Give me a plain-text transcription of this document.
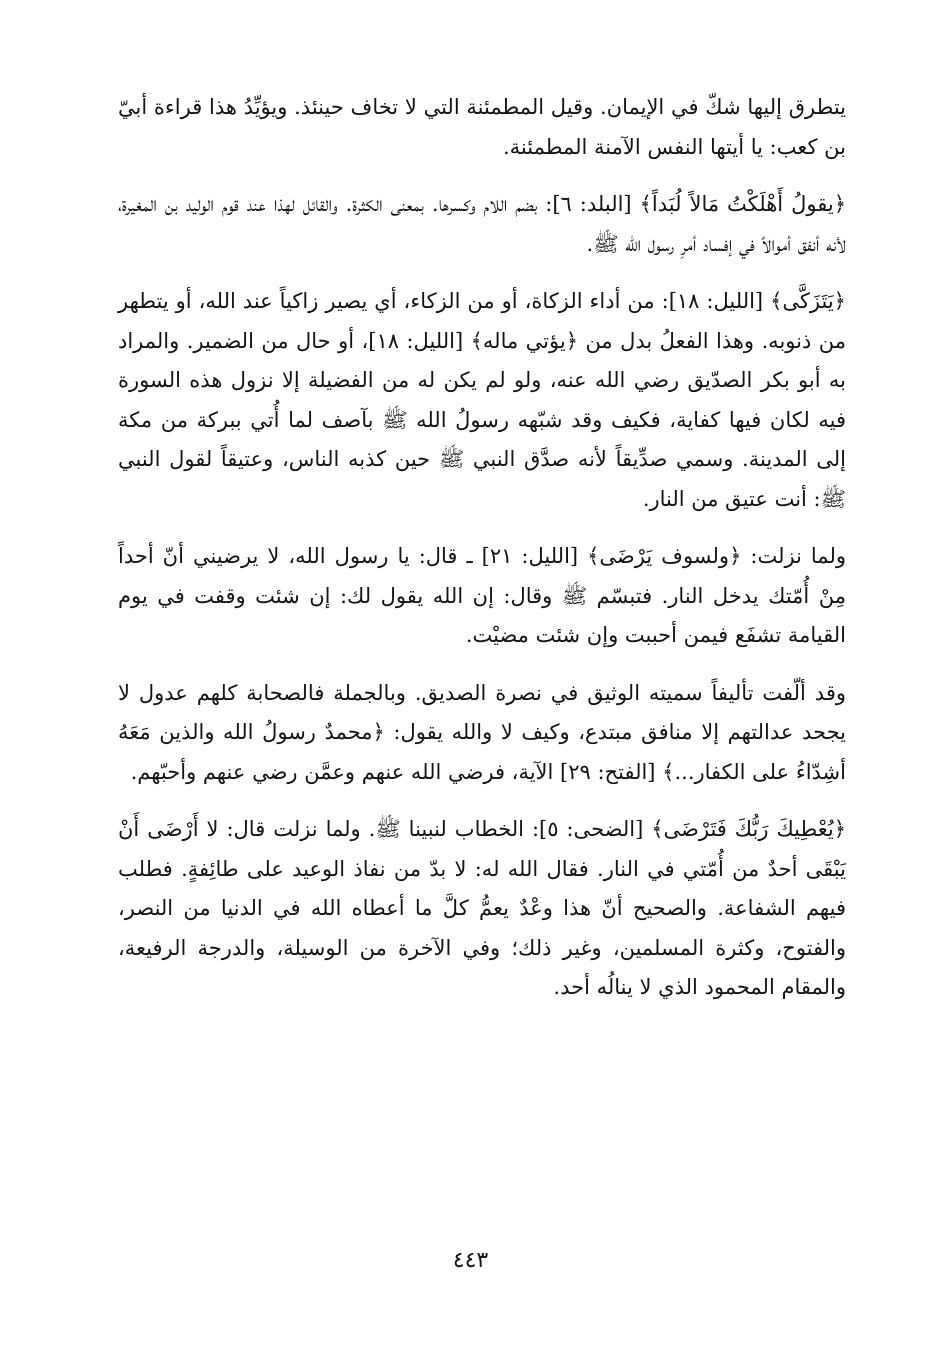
يتطرق إليها شكّ في الإيمان. وقيل المطمئنة التي لا تخاف حينئذ. ويؤيِّدُ هذا قراءة أبيّ بن كعب: يا أيتها النفس الآمنة المطمئنة.

﴿يقولُ أَهْلَكْتُ مَالاً لُبَداً﴾ [البلد: ٦]: بضم اللام وكسرها. بمعنى الكثرة. والقائل لهذا عند قوم الوليد بن المغيرة، لأنه أنفق أموالاً في إفساد أمرِ رسول الله ﷺ.

﴿يَتَزَكَّى﴾ [الليل: ١٨]: من أداء الزكاة، أو من الزكاء، أي يصير زاكياً عند الله، أو يتطهر من ذنوبه. وهذا الفعلُ بدل من ﴿يؤتي ماله﴾ [الليل: ١٨]، أو حال من الضمير. والمراد به أبو بكر الصدّيق رضي الله عنه، ولو لم يكن له من الفضيلة إلا نزول هذه السورة فيه لكان فيها كفاية، فكيف وقد شبّهه رسولُ الله ﷺ بآصف لما أُتي ببركة من مكة إلى المدينة. وسمي صدِّيقاً لأنه صدَّق النبي ﷺ حين كذبه الناس، وعتيقاً لقول النبي ﷺ: أنت عتيق من النار.

ولما نزلت: ﴿ولسوف يَرْضَى﴾ [الليل: ٢١] ـ قال: يا رسول الله، لا يرضيني أنّ أحداً مِنْ أُمّتك يدخل النار. فتبسّم ﷺ وقال: إن الله يقول لك: إن شئت وقفت في يوم القيامة تشفَع فيمن أحببت وإن شئت مضيْت.

وقد ألّفت تأليفاً سميته الوثيق في نصرة الصديق. وبالجملة فالصحابة كلهم عدول لا يجحد عدالتهم إلا منافق مبتدع، وكيف لا والله يقول: ﴿محمدٌ رسولُ الله والذين مَعَهُ أشِدّاءُ على الكفار...﴾ [الفتح: ٢٩] الآية، فرضي الله عنهم وعمَّن رضي عنهم وأحبّهم.

﴿يُعْطِيكَ رَبُّكَ فَتَرْضَى﴾ [الضحى: ٥]: الخطاب لنبينا ﷺ. ولما نزلت قال: لا أَرْضَى أَنْ يَبْقَى أحدٌ من أُمّتي في النار. فقال الله له: لا بدّ من نفاذ الوعيد على طائِفةٍ. فطلب فيهم الشفاعة. والصحيح أنّ هذا وعْدٌ يعمُّ كلَّ ما أعطاه الله في الدنيا من النصر، والفتوح، وكثرة المسلمين، وغير ذلك؛ وفي الآخرة من الوسيلة، والدرجة الرفيعة، والمقام المحمود الذي لا ينالُه أحد.

٤٤٣
